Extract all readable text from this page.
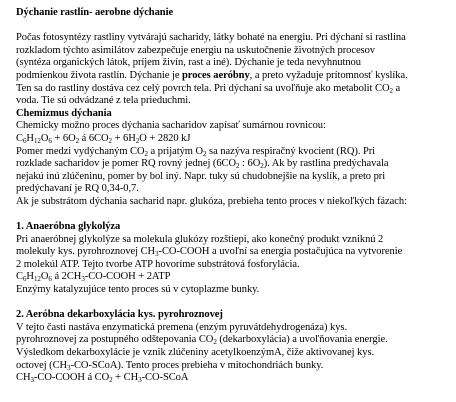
Dýchanie rastlín- aerobne dýchanie
Počas fotosyntézy rastliny vytvárajú sacharidy, látky bohaté na energiu. Pri dýchaní si rastlina
rozkladom týchto asimilátov zabezpečuje energiu na uskutočnenie životných procesov
(syntéza organických látok, príjem živín, rast a iné). Dýchanie je teda nevyhnutnou
podmienkou života rastlín. Dýchanie je proces aeróbny, a preto vyžaduje prítomnosť kyslíka.
Ten sa do rastliny dostáva cez celý povrch tela. Pri dýchaní sa uvoľňuje ako metabolit $CO_2$ a
voda. Tie sú odvádzané z tela prieduchmi.
Chemizmus dýchania
Chemicky možno proces dýchania sacharidov zapísať sumárnou rovnicou:
$C_6H_{12}O_6 + 6O_2$ á $6CO_2 + 6H_2O + 2820$ kJ
Pomer medzi vydýchaným $CO_2$ a prijatým $O_2$ sa nazýva respiračný kvocient (RQ). Pri
rozklade sacharidov je pomer RQ rovný jednej ($6CO_2$ : $6O_2$). Ak by rastlina predýchavala
nejakú inú zlúčeninu, pomer by bol iný. Napr. tuky sú chudobnejšie na kyslík, a preto pri
predýchavaní je RQ 0,34-0,7.
Ak je substrátom dýchania sacharid napr. glukóza, prebieha tento proces v niekoľkých fázach:
1. Anaeróbna glykolýza
Pri anaeróbnej glykolýze sa molekula glukózy rozštiepi, ako konečný produkt vzniknú 2
molekuly kys. pyrohroznovej $CH_3-CO$-COOH a uvoľní sa energia postačujúca na vytvorenie
2 molekúl ATP. Tejto tvorbe ATP hovoríme substrátová fosforylácia.
$C_6H_{12}O_6$ á $2CH_3-CO$-COOH + 2ATP
Enzýmy katalyzujúce tento proces sú v cytoplazme bunky.
2. Aeróbna dekarboxylácia kys. pyrohroznovej
V tejto časti nastáva enzymatická premena (enzým pyruvátdehydrogenáza) kys.
pyrohroznovej za postupného odštepovania $CO_2$ (dekarboxylácia) a uvoľňovania energie.
Výsledkom dekarboxylácie je vznik zlúčeniny acetylkoenzýmA, čiže aktivovanej kys.
octovej $(CH_3-CO-SCoA)$. Tento proces prebieha v mitochondriách bunky.
$CH_3-CO$-COOH á $CO_2$ + $CH_3-CO$-SCoA
